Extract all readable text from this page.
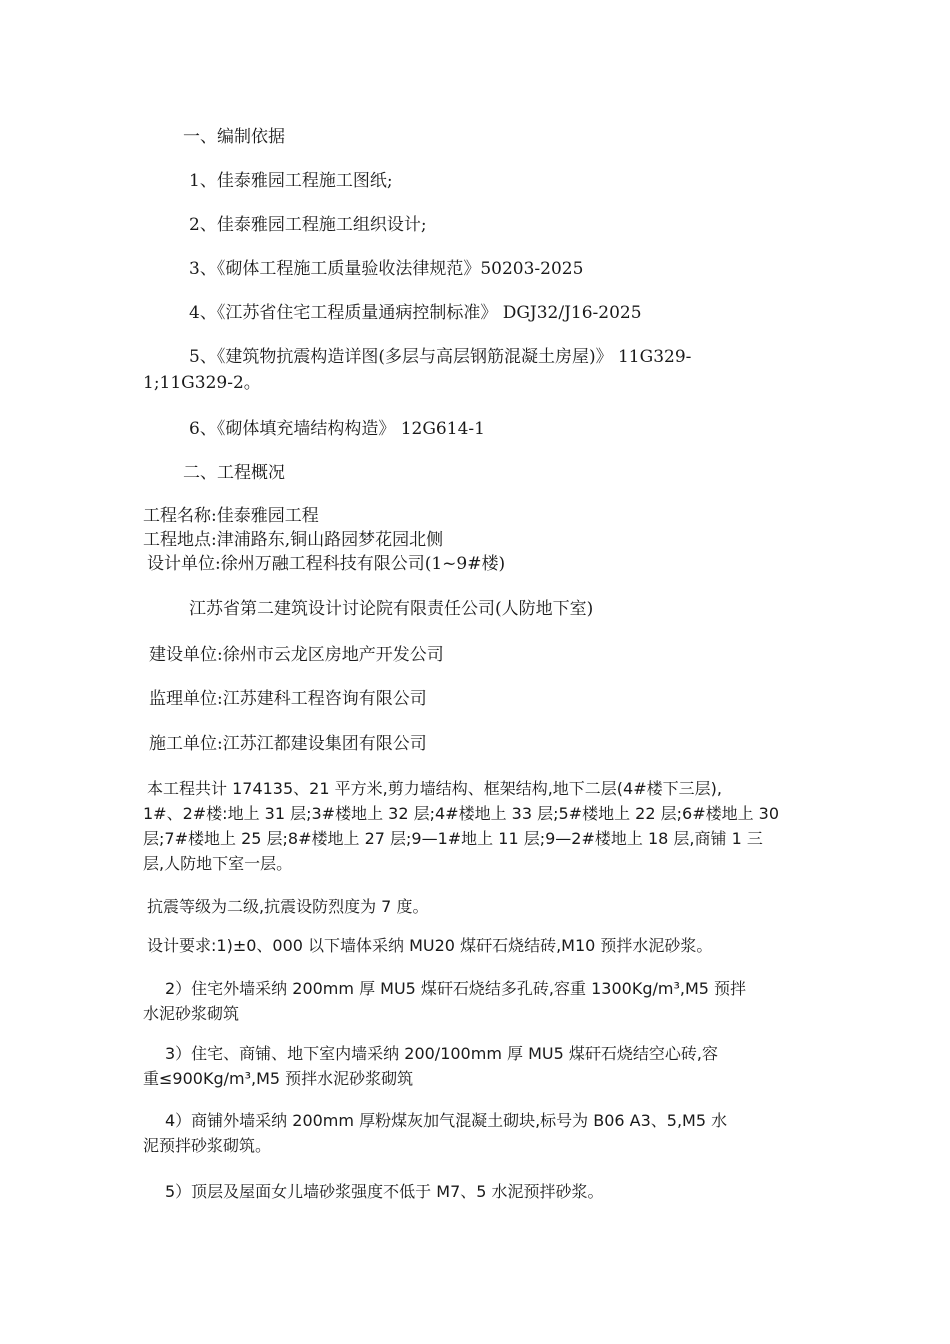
一、编制依据
1、佳泰雅园工程施工图纸;
2、佳泰雅园工程施工组织设计;
3、《砌体工程施工质量验收法律规范》50203-2025
4、《江苏省住宅工程质量通病控制标准》 DGJ32/J16-2025
5、《建筑物抗震构造详图(多层与高层钢筋混凝土房屋)》 11G329-
1;11G329-2。
6、《砌体填充墙结构构造》 12G614-1
二、工程概况
工程名称:佳泰雅园工程
工程地点:津浦路东,铜山路园梦花园北侧
设计单位:徐州万融工程科技有限公司(1~9#楼)
江苏省第二建筑设计讨论院有限责任公司(人防地下室)
建设单位:徐州市云龙区房地产开发公司
监理单位:江苏建科工程咨询有限公司
施工单位:江苏江都建设集团有限公司
本工程共计 174135、21 平方米,剪力墙结构、框架结构,地下二层(4#楼下三层),
1#、2#楼:地上 31 层;3#楼地上 32 层;4#楼地上 33 层;5#楼地上 22 层;6#楼地上 30
层;7#楼地上 25 层;8#楼地上 27 层;9—1#地上 11 层;9—2#楼地上 18 层,商铺 1 三
层,人防地下室一层。
抗震等级为二级,抗震设防烈度为 7 度。
设计要求:1)±0、000 以下墙体采纳 MU20 煤矸石烧结砖,M10 预拌水泥砂浆。
2）住宅外墙采纳 200mm 厚 MU5 煤矸石烧结多孔砖,容重 1300Kg/m³,M5 预拌
水泥砂浆砌筑
3）住宅、商铺、地下室内墙采纳 200/100mm 厚 MU5 煤矸石烧结空心砖,容
重≤900Kg/m³,M5 预拌水泥砂浆砌筑
4）商铺外墙采纳 200mm 厚粉煤灰加气混凝土砌块,标号为 B06 A3、5,M5 水
泥预拌砂浆砌筑。
5）顶层及屋面女儿墙砂浆强度不低于 M7、5 水泥预拌砂浆。
